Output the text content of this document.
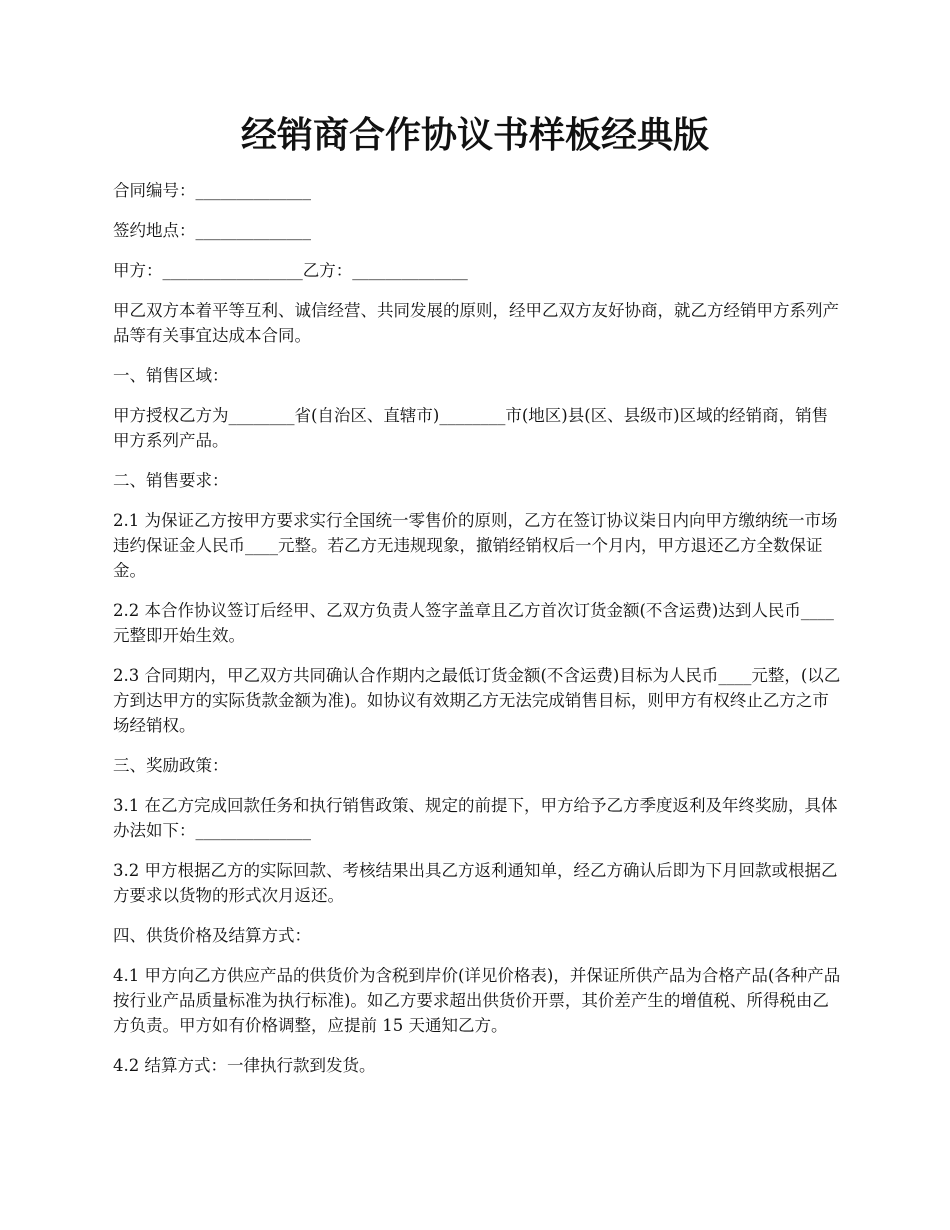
经销商合作协议书样板经典版

合同编号：______________

签约地点：______________

甲方：_________________乙方：______________

甲乙双方本着平等互利、诚信经营、共同发展的原则，经甲乙双方友好协商，就乙方经销甲方系列产品等有关事宜达成本合同。

一、销售区域：

甲方授权乙方为________省(自治区、直辖市)________市(地区)县(区、县级市)区域的经销商，销售甲方系列产品。

二、销售要求：

2.1 为保证乙方按甲方要求实行全国统一零售价的原则，乙方在签订协议柒日内向甲方缴纳统一市场违约保证金人民币____元整。若乙方无违规现象，撤销经销权后一个月内，甲方退还乙方全数保证金。

2.2 本合作协议签订后经甲、乙双方负责人签字盖章且乙方首次订货金额(不含运费)达到人民币____元整即开始生效。

2.3 合同期内，甲乙双方共同确认合作期内之最低订货金额(不含运费)目标为人民币____元整，(以乙方到达甲方的实际货款金额为准)。如协议有效期乙方无法完成销售目标，则甲方有权终止乙方之市场经销权。

三、奖励政策：

3.1 在乙方完成回款任务和执行销售政策、规定的前提下，甲方给予乙方季度返利及年终奖励，具体办法如下：______________

3.2 甲方根据乙方的实际回款、考核结果出具乙方返利通知单，经乙方确认后即为下月回款或根据乙方要求以货物的形式次月返还。

四、供货价格及结算方式：

4.1 甲方向乙方供应产品的供货价为含税到岸价(详见价格表)，并保证所供产品为合格产品(各种产品按行业产品质量标准为执行标准)。如乙方要求超出供货价开票，其价差产生的增值税、所得税由乙方负责。甲方如有价格调整，应提前 15 天通知乙方。

4.2 结算方式：一律执行款到发货。
